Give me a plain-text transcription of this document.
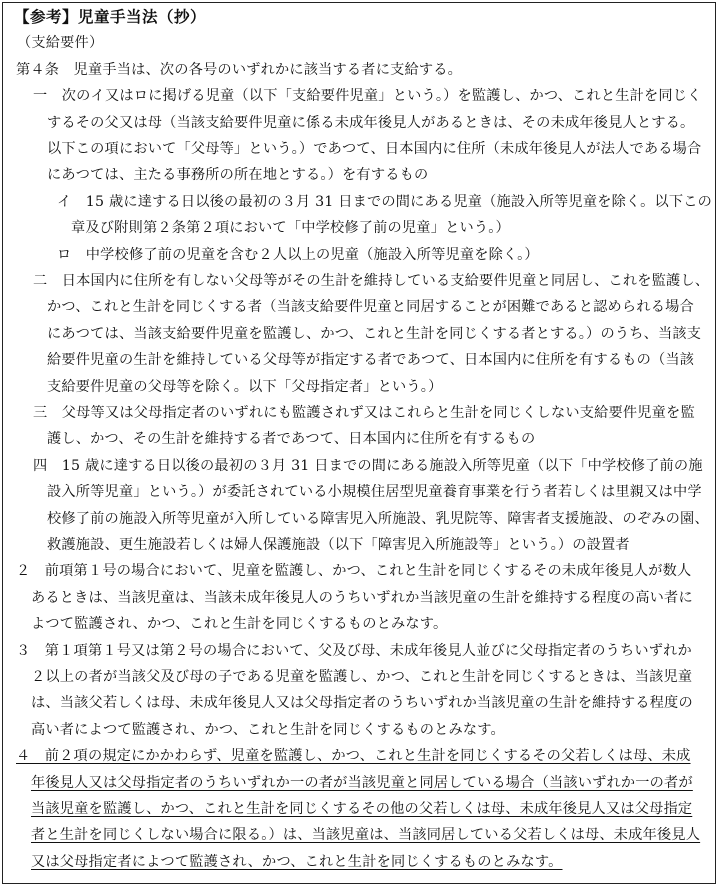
【参考】児童手当法（抄）
（支給要件）
第４条　児童手当は、次の各号のいずれかに該当する者に支給する。
一　次のイ又はロに掲げる児童（以下「支給要件児童」という。）を監護し、かつ、これと生計を同じく
するその父又は母（当該支給要件児童に係る未成年後見人があるときは、その未成年後見人とする。
以下この項において「父母等」という。）であつて、日本国内に住所（未成年後見人が法人である場合
にあつては、主たる事務所の所在地とする。）を有するもの
イ　15 歳に達する日以後の最初の３月 31 日までの間にある児童（施設入所等児童を除く。以下この
章及び附則第２条第２項において「中学校修了前の児童」という。）
ロ　中学校修了前の児童を含む２人以上の児童（施設入所等児童を除く。）
二　日本国内に住所を有しない父母等がその生計を維持している支給要件児童と同居し、これを監護し、
かつ、これと生計を同じくする者（当該支給要件児童と同居することが困難であると認められる場合
にあつては、当該支給要件児童を監護し、かつ、これと生計を同じくする者とする。）のうち、当該支
給要件児童の生計を維持している父母等が指定する者であつて、日本国内に住所を有するもの（当該
支給要件児童の父母等を除く。以下「父母指定者」という。）
三　父母等又は父母指定者のいずれにも監護されず又はこれらと生計を同じくしない支給要件児童を監
護し、かつ、その生計を維持する者であつて、日本国内に住所を有するもの
四　15 歳に達する日以後の最初の３月 31 日までの間にある施設入所等児童（以下「中学校修了前の施
設入所等児童」という。）が委託されている小規模住居型児童養育事業を行う者若しくは里親又は中学
校修了前の施設入所等児童が入所している障害児入所施設、乳児院等、障害者支援施設、のぞみの園、
救護施設、更生施設若しくは婦人保護施設（以下「障害児入所施設等」という。）の設置者
２　前項第１号の場合において、児童を監護し、かつ、これと生計を同じくするその未成年後見人が数人
あるときは、当該児童は、当該未成年後見人のうちいずれか当該児童の生計を維持する程度の高い者に
よつて監護され、かつ、これと生計を同じくするものとみなす。
３　第１項第１号又は第２号の場合において、父及び母、未成年後見人並びに父母指定者のうちいずれか
２以上の者が当該父及び母の子である児童を監護し、かつ、これと生計を同じくするときは、当該児童
は、当該父若しくは母、未成年後見人又は父母指定者のうちいずれか当該児童の生計を維持する程度の
高い者によつて監護され、かつ、これと生計を同じくするものとみなす。
４　前２項の規定にかかわらず、児童を監護し、かつ、これと生計を同じくするその父若しくは母、未成
年後見人又は父母指定者のうちいずれか一の者が当該児童と同居している場合（当該いずれか一の者が
当該児童を監護し、かつ、これと生計を同じくするその他の父若しくは母、未成年後見人又は父母指定
者と生計を同じくしない場合に限る。）は、当該児童は、当該同居している父若しくは母、未成年後見人
又は父母指定者によつて監護され、かつ、これと生計を同じくするものとみなす。
